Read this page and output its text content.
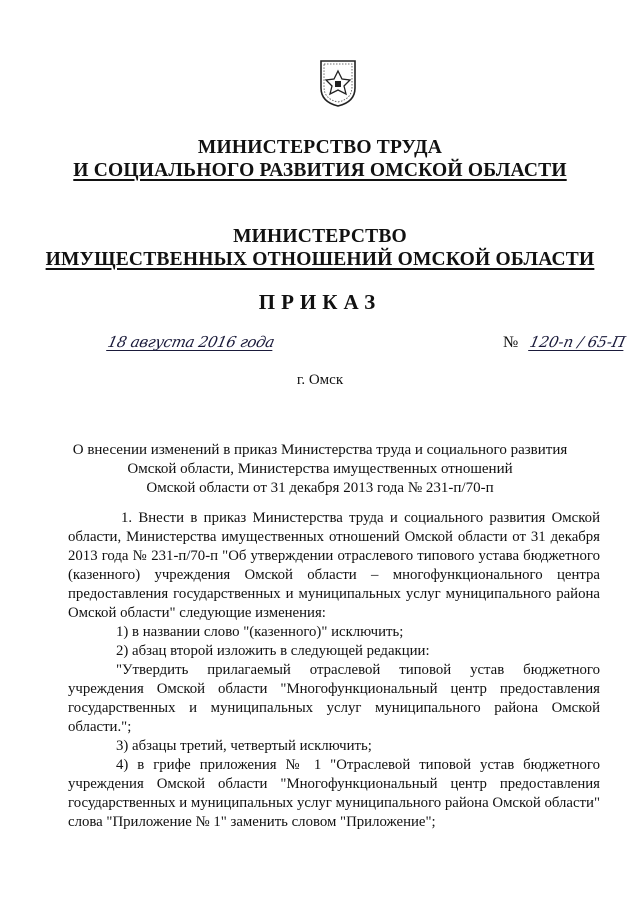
МИНИСТЕРСТВО ТРУДА
И СОЦИАЛЬНОГО РАЗВИТИЯ ОМСКОЙ ОБЛАСТИ
МИНИСТЕРСТВО
ИМУЩЕСТВЕННЫХ ОТНОШЕНИЙ ОМСКОЙ ОБЛАСТИ
ПРИКАЗ
18 августа 2016 года	№ 120-п / 65-П
г. Омск
О внесении изменений в приказ Министерства труда и социального развития
Омской области, Министерства имущественных отношений
Омской области от 31 декабря 2013 года № 231-п/70-п

1. Внести в приказ Министерства труда и социального развития Омской области, Министерства имущественных отношений Омской области от 31 декабря 2013 года № 231-п/70-п "Об утверждении отраслевого типового устава бюджетного (казенного) учреждения Омской области – многофункционального центра предоставления государственных и муниципальных услуг муниципального района Омской области" следующие изменения:

1) в названии слово "(казенного)" исключить;

2) абзац второй изложить в следующей редакции:

"Утвердить прилагаемый отраслевой типовой устав бюджетного учреждения Омской области "Многофункциональный центр предоставления государственных и муниципальных услуг муниципального района Омской области.";

3) абзацы третий, четвертый исключить;

4) в грифе приложения № 1 "Отраслевой типовой устав бюджетного учреждения Омской области "Многофункциональный центр предоставления государственных и муниципальных услуг муниципального района Омской области" слова "Приложение № 1" заменить словом "Приложение";
